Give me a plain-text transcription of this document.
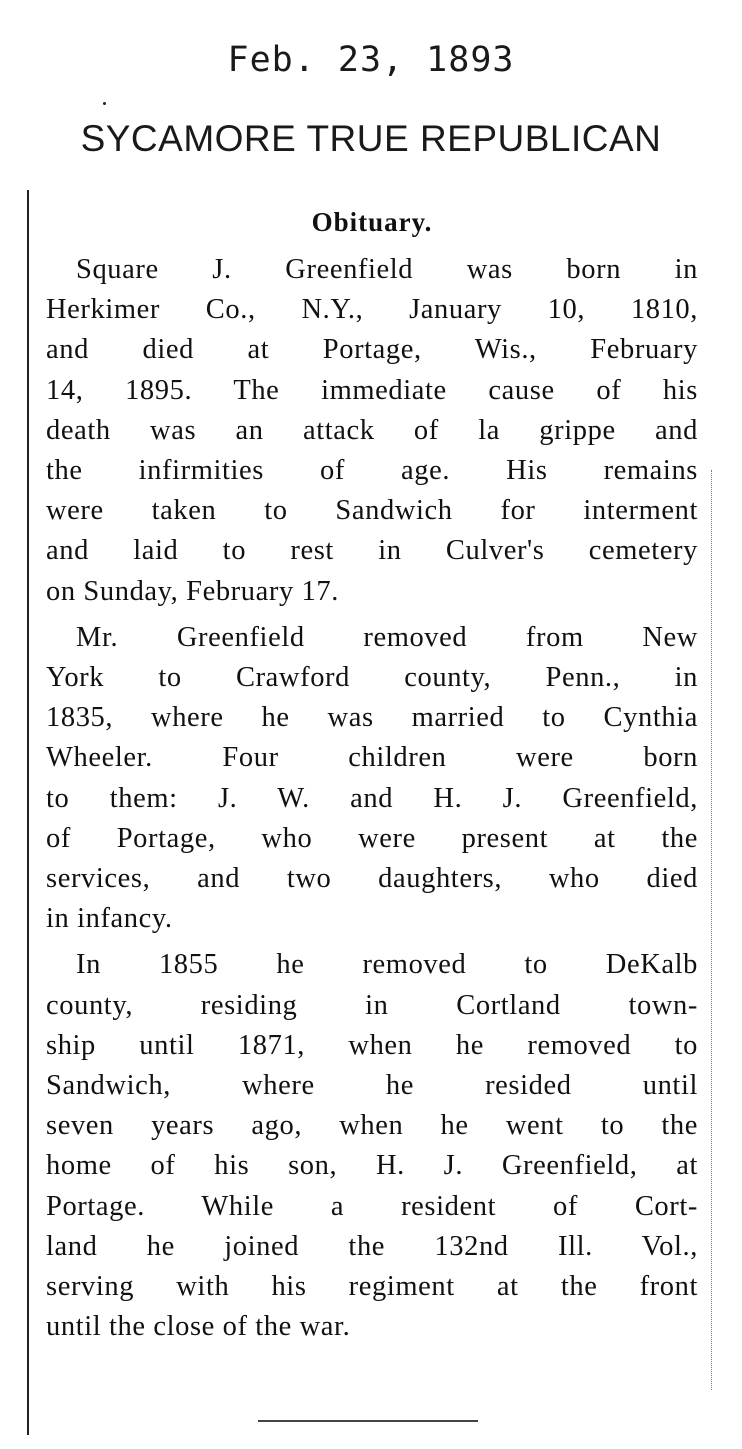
Feb. 23, 1893
SYCAMORE TRUE REPUBLICAN
Obituary.
Square J. Greenfield was born in
Herkimer Co., N.Y., January 10, 1810,
and died at Portage, Wis., February
14, 1895. The immediate cause of his
death was an attack of la grippe and
the infirmities of age. His remains
were taken to Sandwich for interment
and laid to rest in Culver's cemetery
on Sunday, February 17.
Mr. Greenfield removed from New
York to Crawford county, Penn., in
1835, where he was married to Cynthia
Wheeler. Four children were born
to them: J. W. and H. J. Greenfield,
of Portage, who were present at the
services, and two daughters, who died
in infancy.
In 1855 he removed to DeKalb
county, residing in Cortland town-
ship until 1871, when he removed to
Sandwich, where he resided until
seven years ago, when he went to the
home of his son, H. J. Greenfield, at
Portage. While a resident of Cort-
land he joined the 132nd Ill. Vol.,
serving with his regiment at the front
until the close of the war.
